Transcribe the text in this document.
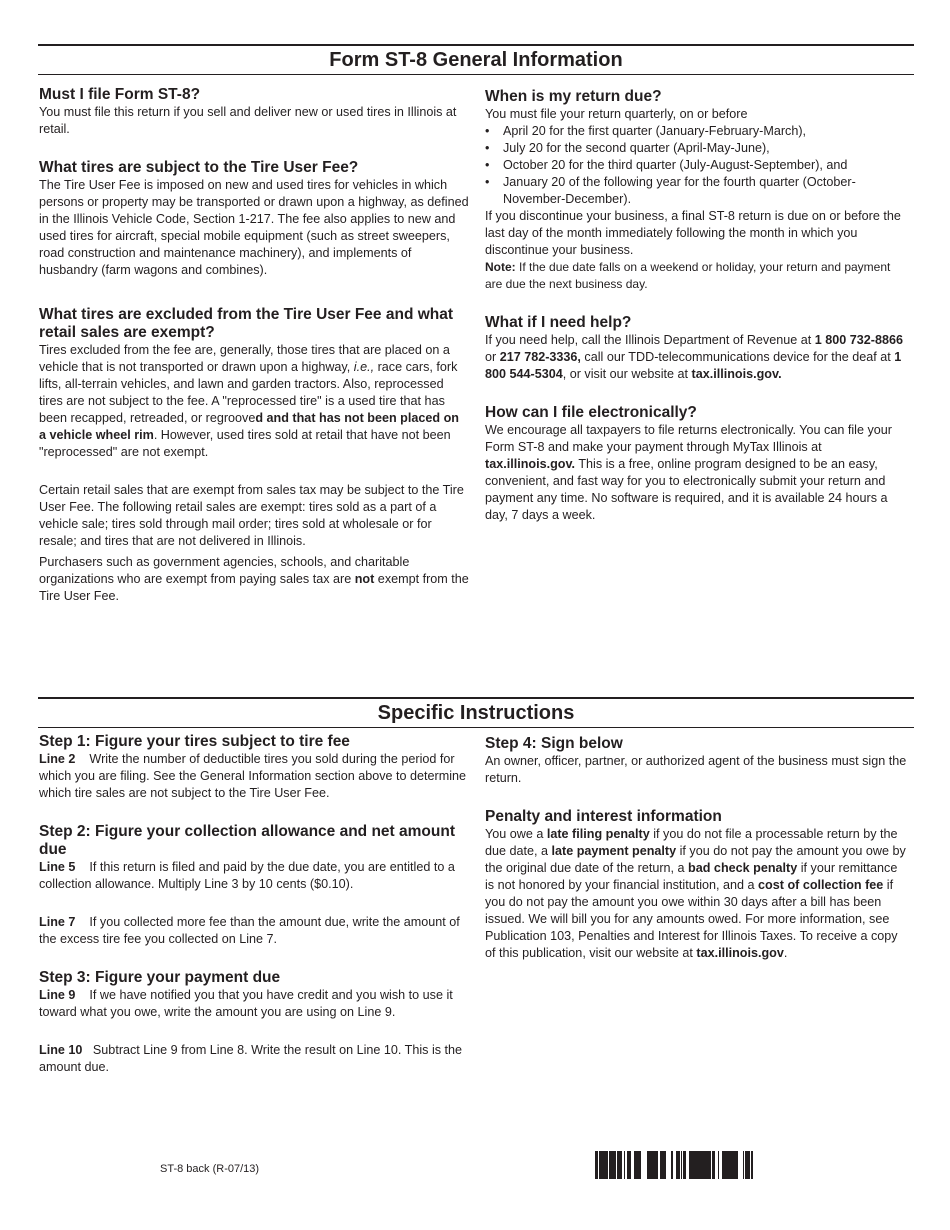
Form ST-8 General Information

Must I file Form ST-8?

You must file this return if you sell and deliver new or used tires in Illinois at retail.

What tires are subject to the Tire User Fee?

The Tire User Fee is imposed on new and used tires for vehicles in which persons or property may be transported or drawn upon a highway, as defined in the Illinois Vehicle Code, Section 1-217. The fee also applies to new and used tires for aircraft, special mobile equipment (such as street sweepers, road construction and maintenance machinery), and implements of husbandry (farm wagons and combines).

What tires are excluded from the Tire User Fee and what retail sales are exempt?

Tires excluded from the fee are, generally, those tires that are placed on a vehicle that is not transported or drawn upon a highway, i.e., race cars, fork lifts, all-terrain vehicles, and lawn and garden tractors. Also, reprocessed tires are not subject to the fee. A "reprocessed tire" is a used tire that has been recapped, retreaded, or regrooved and that has not been placed on a vehicle wheel rim. However, used tires sold at retail that have not been "reprocessed" are not exempt.

Certain retail sales that are exempt from sales tax may be subject to the Tire User Fee. The following retail sales are exempt: tires sold as a part of a vehicle sale; tires sold through mail order; tires sold at wholesale or for resale; and tires that are not delivered in Illinois.

Purchasers such as government agencies, schools, and charitable organizations who are exempt from paying sales tax are not exempt from the Tire User Fee.

When is my return due?

You must file your return quarterly, on or before

• April 20 for the first quarter (January-February-March),
• July 20 for the second quarter (April-May-June),
• October 20 for the third quarter (July-August-September), and
• January 20 of the following year for the fourth quarter (October-November-December).

If you discontinue your business, a final ST-8 return is due on or before the last day of the month immediately following the month in which you discontinue your business.

Note: If the due date falls on a weekend or holiday, your return and payment are due the next business day.

What if I need help?

If you need help, call the Illinois Department of Revenue at 1 800 732-8866 or 217 782-3336, call our TDD-telecommunications device for the deaf at 1 800 544-5304, or visit our website at tax.illinois.gov.

How can I file electronically?

We encourage all taxpayers to file returns electronically. You can file your Form ST-8 and make your payment through MyTax Illinois at tax.illinois.gov. This is a free, online program designed to be an easy, convenient, and fast way for you to electronically submit your return and payment any time. No software is required, and it is available 24 hours a day, 7 days a week.

Specific Instructions

Step 1: Figure your tires subject to tire fee

Line 2 Write the number of deductible tires you sold during the period for which you are filing. See the General Information section above to determine which tire sales are not subject to the Tire User Fee.

Step 2: Figure your collection allowance and net amount due

Line 5 If this return is filed and paid by the due date, you are entitled to a collection allowance. Multiply Line 3 by 10 cents ($0.10).

Line 7 If you collected more fee than the amount due, write the amount of the excess tire fee you collected on Line 7.

Step 3: Figure your payment due

Line 9 If we have notified you that you have credit and you wish to use it toward what you owe, write the amount you are using on Line 9.

Line 10 Subtract Line 9 from Line 8. Write the result on Line 10. This is the amount due.

Step 4: Sign below

An owner, officer, partner, or authorized agent of the business must sign the return.

Penalty and interest information

You owe a late filing penalty if you do not file a processable return by the due date, a late payment penalty if you do not pay the amount you owe by the original due date of the return, a bad check penalty if your remittance is not honored by your financial institution, and a cost of collection fee if you do not pay the amount you owe within 30 days after a bill has been issued. We will bill you for any amounts owed. For more information, see Publication 103, Penalties and Interest for Illinois Taxes. To receive a copy of this publication, visit our website at tax.illinois.gov.

ST-8 back (R-07/13)
